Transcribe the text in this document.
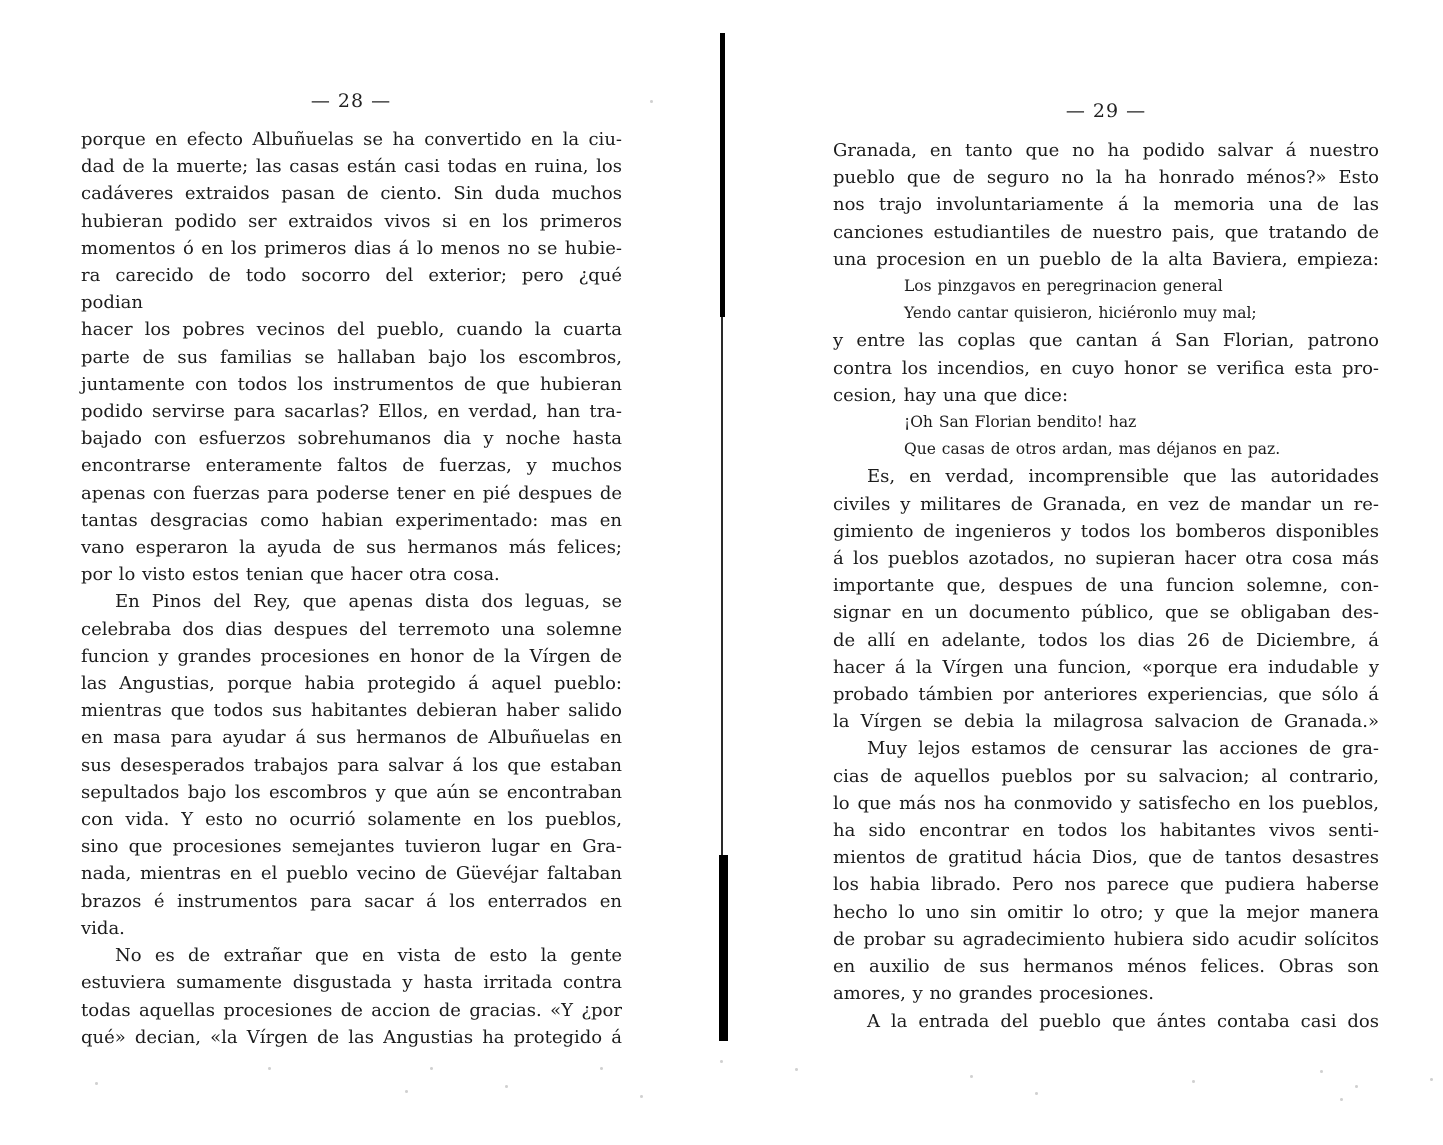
— 28 —
porque en efecto Albuñuelas se ha convertido en la ciu-
dad de la muerte; las casas están casi todas en ruina, los
cadáveres extraidos pasan de ciento. Sin duda muchos
hubieran podido ser extraidos vivos si en los primeros
momentos ó en los primeros dias á lo menos no se hubie-
ra carecido de todo socorro del exterior; pero ¿qué podian
hacer los pobres vecinos del pueblo, cuando la cuarta
parte de sus familias se hallaban bajo los escombros,
juntamente con todos los instrumentos de que hubieran
podido servirse para sacarlas? Ellos, en verdad, han tra-
bajado con esfuerzos sobrehumanos dia y noche hasta
encontrarse enteramente faltos de fuerzas, y muchos
apenas con fuerzas para poderse tener en pié despues de
tantas desgracias como habian experimentado: mas en
vano esperaron la ayuda de sus hermanos más felices;
por lo visto estos tenian que hacer otra cosa.
En Pinos del Rey, que apenas dista dos leguas, se
celebraba dos dias despues del terremoto una solemne
funcion y grandes procesiones en honor de la Vírgen de
las Angustias, porque habia protegido á aquel pueblo:
mientras que todos sus habitantes debieran haber salido
en masa para ayudar á sus hermanos de Albuñuelas en
sus desesperados trabajos para salvar á los que estaban
sepultados bajo los escombros y que aún se encontraban
con vida. Y esto no ocurrió solamente en los pueblos,
sino que procesiones semejantes tuvieron lugar en Gra-
nada, mientras en el pueblo vecino de Güevéjar faltaban
brazos é instrumentos para sacar á los enterrados en
vida.
No es de extrañar que en vista de esto la gente
estuviera sumamente disgustada y hasta irritada contra
todas aquellas procesiones de accion de gracias. «Y ¿por
qué» decian, «la Vírgen de las Angustias ha protegido á
— 29 —
Granada, en tanto que no ha podido salvar á nuestro
pueblo que de seguro no la ha honrado ménos?» Esto
nos trajo involuntariamente á la memoria una de las
canciones estudiantiles de nuestro pais, que tratando de
una procesion en un pueblo de la alta Baviera, empieza:
Los pinzgavos en peregrinacion general
Yendo cantar quisieron, hiciéronlo muy mal;
y entre las coplas que cantan á San Florian, patrono
contra los incendios, en cuyo honor se verifica esta pro-
cesion, hay una que dice:
¡Oh San Florian bendito! haz
Que casas de otros ardan, mas déjanos en paz.
Es, en verdad, incomprensible que las autoridades
civiles y militares de Granada, en vez de mandar un re-
gimiento de ingenieros y todos los bomberos disponibles
á los pueblos azotados, no supieran hacer otra cosa más
importante que, despues de una funcion solemne, con-
signar en un documento público, que se obligaban des-
de allí en adelante, todos los dias 26 de Diciembre, á
hacer á la Vírgen una funcion, «porque era indudable y
probado támbien por anteriores experiencias, que sólo á
la Vírgen se debia la milagrosa salvacion de Granada.»
Muy lejos estamos de censurar las acciones de gra-
cias de aquellos pueblos por su salvacion; al contrario,
lo que más nos ha conmovido y satisfecho en los pueblos,
ha sido encontrar en todos los habitantes vivos senti-
mientos de gratitud hácia Dios, que de tantos desastres
los habia librado. Pero nos parece que pudiera haberse
hecho lo uno sin omitir lo otro; y que la mejor manera
de probar su agradecimiento hubiera sido acudir solícitos
en auxilio de sus hermanos ménos felices. Obras son
amores, y no grandes procesiones.
A la entrada del pueblo que ántes contaba casi dos
